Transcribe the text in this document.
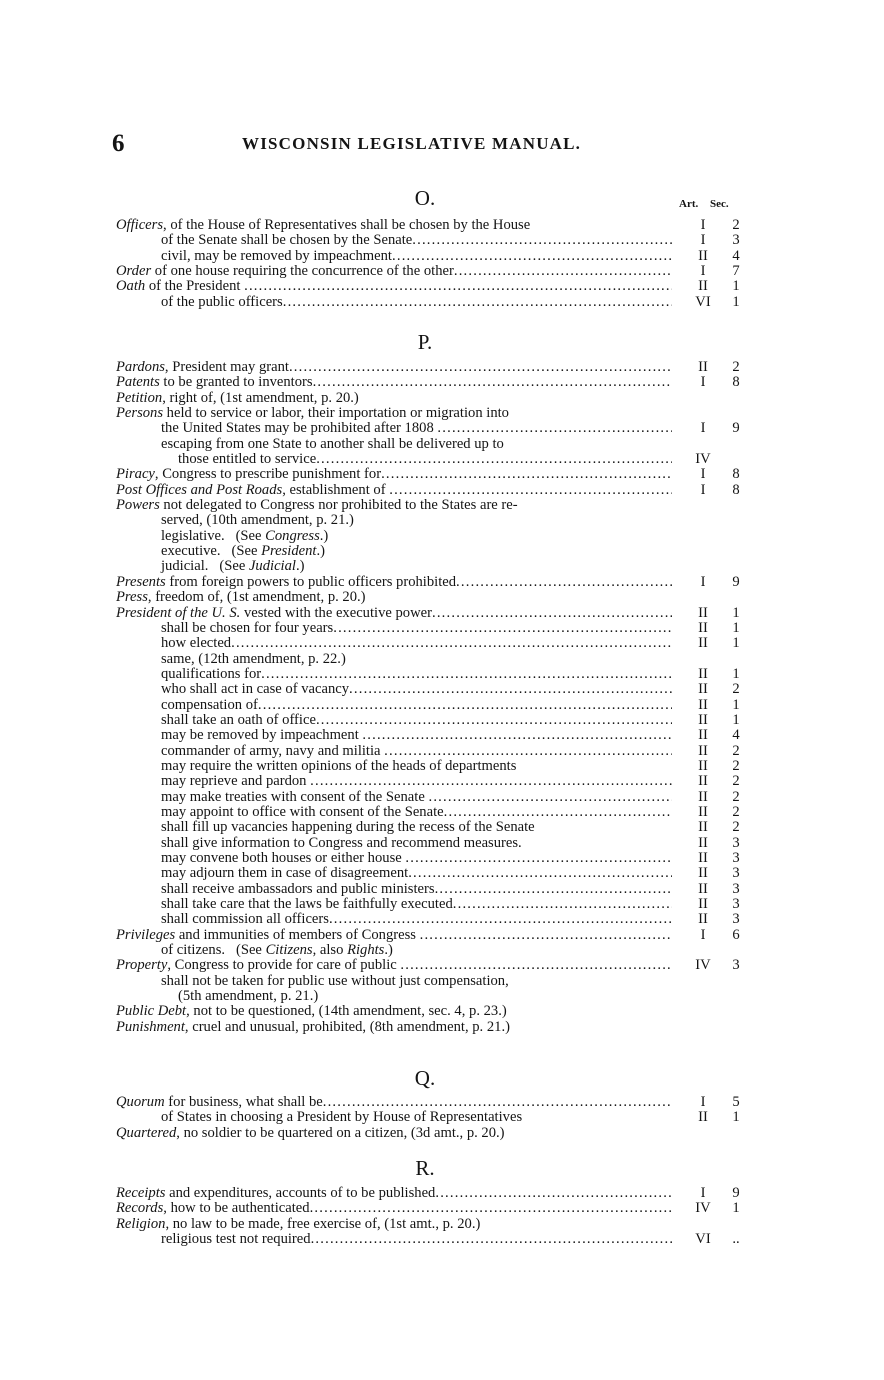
6	WISCONSIN LEGISLATIVE MANUAL.
Art. Sec.
O.
Officers , of the House of Representatives shall be chosen by the House	I	2
of the Senate shall be chosen by the Senate .....	I	3
civil, may be removed by impeachment .....	II	4
Order of one house requiring the concurrence of the other .....	I	7
Oath of the President .....	II	1
of the public officers .....	VI	1
P.
Pardons , President may grant .....	II	2
Patents to be granted to inventors .....	I	8
Petition , right of, (1st amendment, p. 20.)
Persons held to service or labor, their importation or migration into
the United States may be prohibited after 1808 .....	I	9
escaping from one State to another shall be delivered up to
those entitled to service .....	IV
Piracy , Congress to prescribe punishment for .....	I	8
Post Offices and Post Roads , establishment of .....	I	8
Powers not delegated to Congress nor prohibited to the States are re-
served, (10th amendment, p. 21.)
legislative.   (See Congress .)
executive.   (See President .)
judicial.   (See Judicial .)
Presents from foreign powers to public officers prohibited .....	I	9
Press , freedom of, (1st amendment, p. 20.)
President of the U. S. vested with the executive power .....	II	1
shall be chosen for four years .....	II	1
how elected .....	II	1
same, (12th amendment, p. 22.)
qualifications for .....	II	1
who shall act in case of vacancy .....	II	2
compensation of .....	II	1
shall take an oath of office .....	II	1
may be removed by impeachment .....	II	4
commander of army, navy and militia .....	II	2
may require the written opinions of the heads of departments	II	2
may reprieve and pardon .....	II	2
may make treaties with consent of the Senate .....	II	2
may appoint to office with consent of the Senate .....	II	2
shall fill up vacancies happening during the recess of the Senate	II	2
shall give information to Congress and recommend measures.	II	3
may convene both houses or either house .....	II	3
may adjourn them in case of disagreement .....	II	3
shall receive ambassadors and public ministers .....	II	3
shall take care that the laws be faithfully executed .....	II	3
shall commission all officers .....	II	3
Privileges and immunities of members of Congress .....	I	6
of citizens.   (See Citizens , also Rights .)
Property , Congress to provide for care of public .....	IV	3
shall not be taken for public use without just compensation,
(5th amendment, p. 21.)
Public Debt , not to be questioned, (14th amendment, sec. 4, p. 23.)
Punishment , cruel and unusual, prohibited, (8th amendment, p. 21.)
Q.
Quorum for business, what shall be .....	I	5
of States in choosing a President by House of Representatives	II	1
Quartered , no soldier to be quartered on a citizen, (3d amt., p. 20.)
R.
Receipts and expenditures, accounts of to be published .....	I	9
Records , how to be authenticated .....	IV	1
Religion , no law to be made, free exercise of, (1st amt., p. 20.)
religious test not required .....	VI	..
